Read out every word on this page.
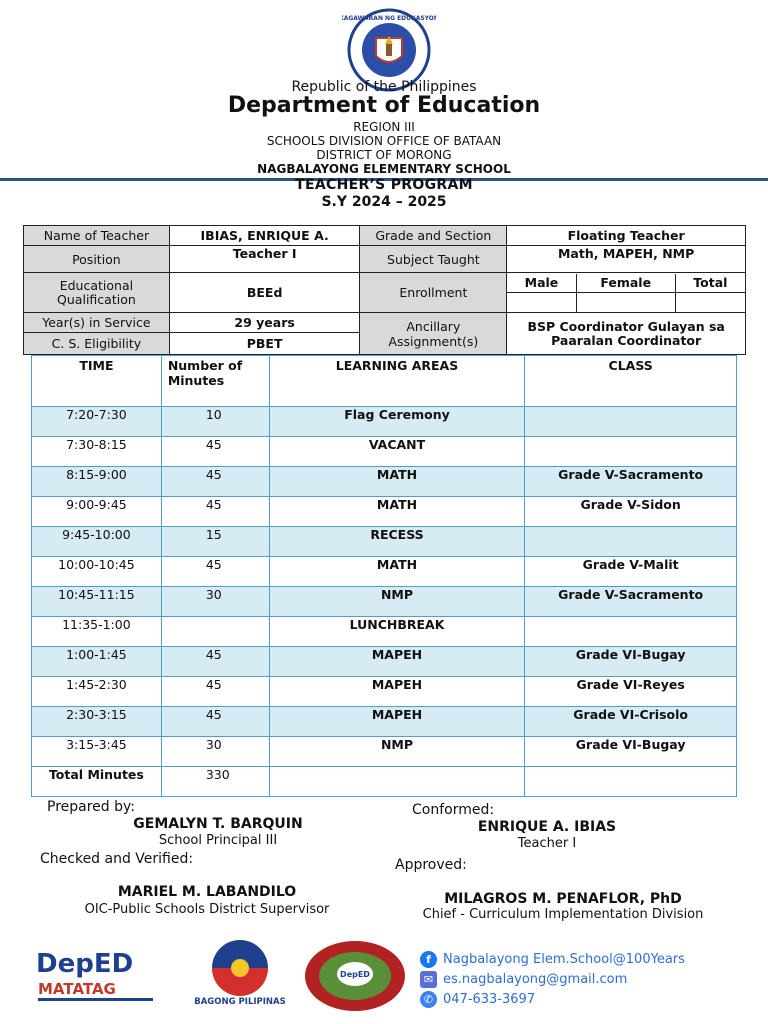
KAGAWARAN NG EDUKASYON
Republic of the Philippines
Department of Education
REGION III
SCHOOLS DIVISION OFFICE OF BATAAN
DISTRICT OF MORONG
NAGBALAYONG ELEMENTARY SCHOOL
TEACHER’S PROGRAM
S.Y 2024 – 2025
Name of Teacher	IBIAS, ENRIQUE A.	Grade and Section	Floating Teacher
Position	Teacher I	Subject Taught	Math, MAPEH, NMP
Educational Qualification	BEEd	Enrollment	
Male	Female	Total

Year(s) in Service	29 years	Ancillary Assignment(s)	BSP Coordinator Gulayan sa Paaralan Coordinator
C. S. Eligibility	PBET
TIME	Number of Minutes	LEARNING AREAS	CLASS
7:20-7:30	10	Flag Ceremony	
7:30-8:15	45	VACANT	
8:15-9:00	45	MATH	Grade V-Sacramento
9:00-9:45	45	MATH	Grade V-Sidon
9:45-10:00	15	RECESS	
10:00-10:45	45	MATH	Grade V-Malit
10:45-11:15	30	NMP	Grade V-Sacramento
11:35-1:00		LUNCHBREAK	
1:00-1:45	45	MAPEH	Grade VI-Bugay
1:45-2:30	45	MAPEH	Grade VI-Reyes
2:30-3:15	45	MAPEH	Grade VI-Crisolo
3:15-3:45	30	NMP	Grade VI-Bugay
Total Minutes	330		
Prepared by:
GEMALYN T. BARQUIN
School Principal III
Checked and Verified:
MARIEL M. LABANDILO
OIC-Public Schools District Supervisor
Conformed:
ENRIQUE A. IBIAS
Teacher I
Approved:
MILAGROS M. PENAFLOR, PhD
Chief - Curriculum Implementation Division
DepED
MATATAG
BAGONG PILIPINAS
DepED
f Nagbalayong Elem.School@100Years
✉ es.nagbalayong@gmail.com
✆ 047-633-3697
